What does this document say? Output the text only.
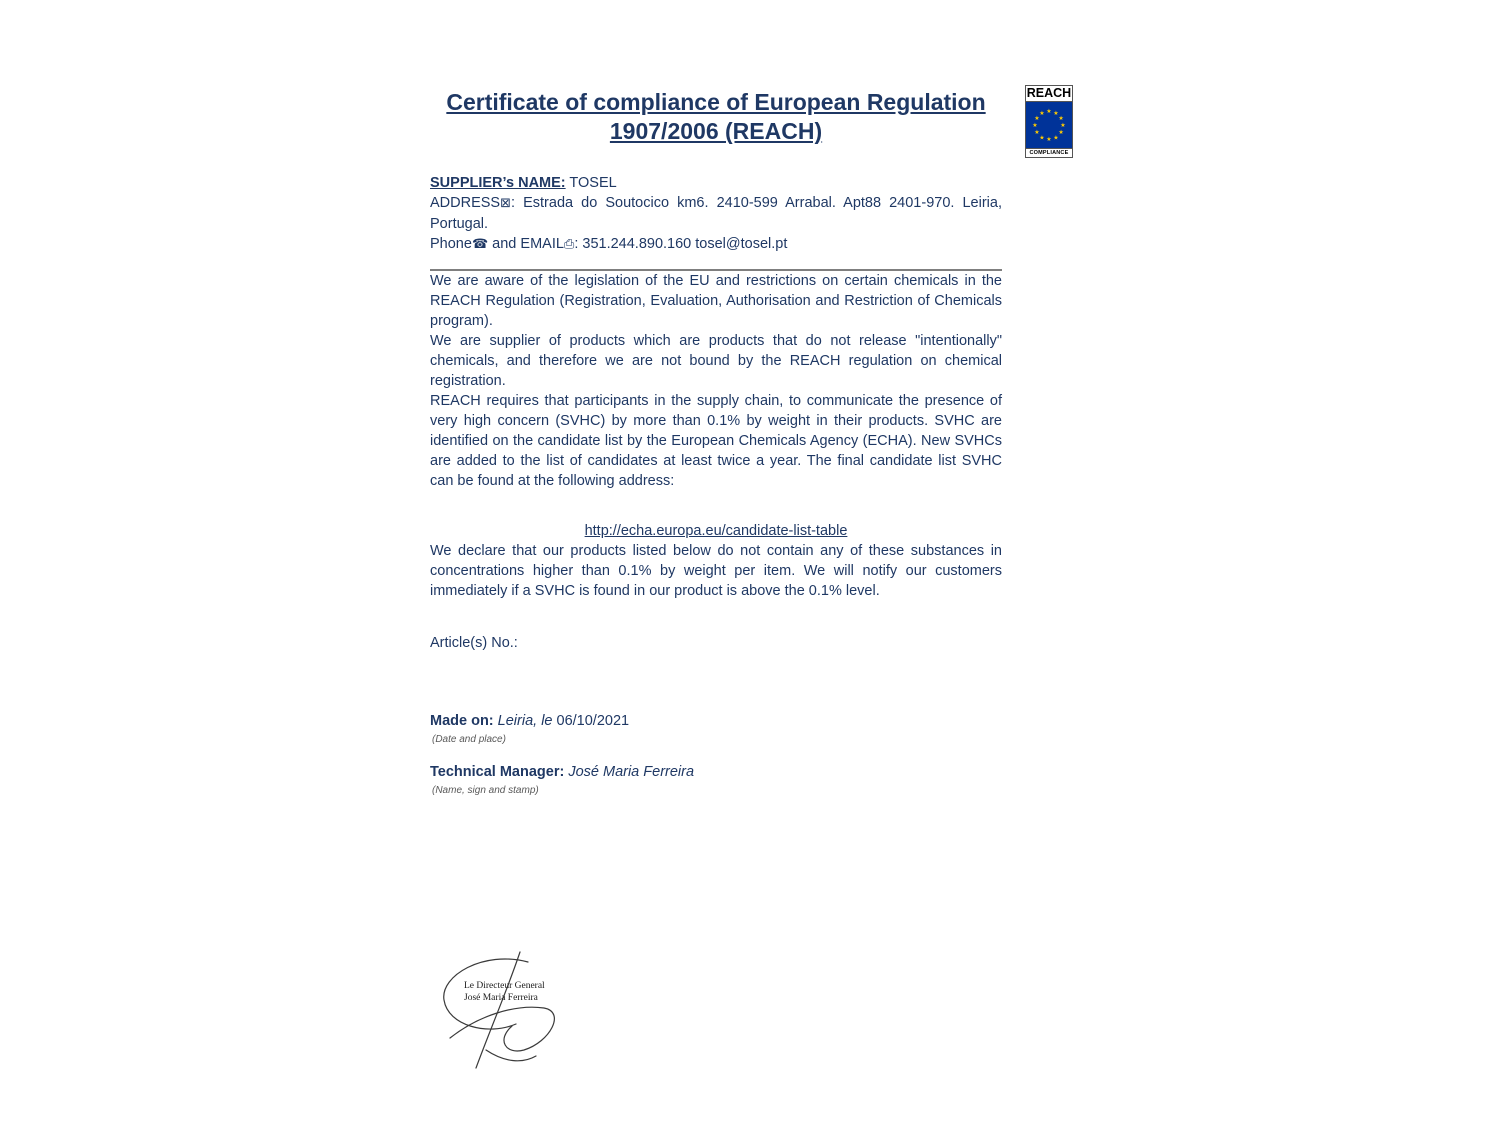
REACH
★ ★
★
★
★
★
★
★
★
★
★
★
COMPLIANCE
Certificate of compliance of European Regulation
1907/2006 (REACH)

SUPPLIER’s NAME: TOSEL

ADDRESS⊠: Estrada do Soutocico km6. 2410-599 Arrabal. Apt88 2401-970. Leiria, Portugal.

Phone☎ and EMAIL⎙: 351.244.890.160 tosel@tosel.pt

We are aware of the legislation of the EU and restrictions on certain chemicals in the REACH Regulation (Registration, Evaluation, Authorisation and Restriction of Chemicals program).

We are supplier of products which are products that do not release "intentionally" chemicals, and therefore we are not bound by the REACH regulation on chemical registration.

REACH requires that participants in the supply chain, to communicate the presence of very high concern (SVHC) by more than 0.1% by weight in their products. SVHC are identified on the candidate list by the European Chemicals Agency (ECHA). New SVHCs are added to the list of candidates at least twice a year. The final candidate list SVHC can be found at the following address:

http://echa.europa.eu/candidate-list-table

We declare that our products listed below do not contain any of these substances in concentrations higher than 0.1% by weight per item. We will notify our customers immediately if a SVHC is found in our product is above the 0.1% level.

Article(s) No.:

Made on: Leiria, le 06/10/2021

(Date and place)

Technical Manager: José Maria Ferreira

(Name, sign and stamp)

Le Directeur General
José Maria Ferreira
